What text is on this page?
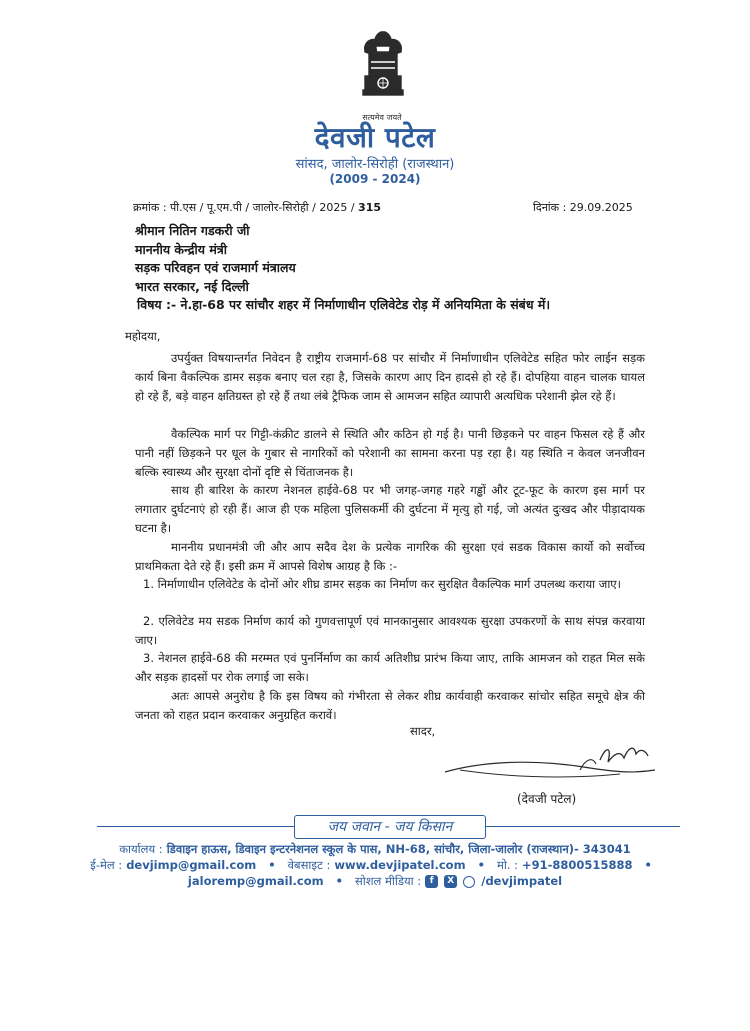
सत्यमेव जयते
देवजी पटेल
सांसद, जालोर-सिरोही (राजस्थान)
(2009 - 2024)
क्रमांक : पी.एस / पू.एम.पी / जालोर-सिरोही / 2025 / 315	दिनांक : 29.09.2025
श्रीमान नितिन गडकरी जी
माननीय केन्द्रीय मंत्री
सड़क परिवहन एवं राजमार्ग मंत्रालय
भारत सरकार, नई दिल्ली
विषय :- ने.हा-68 पर सांचौर शहर में निर्माणाधीन एलिवेटेड रोड़ में अनियमिता के संबंध में।
महोदया,

उपर्युक्त विषयान्तर्गत निवेदन है राष्ट्रीय राजमार्ग-68 पर सांचौर में निर्माणाधीन एलिवेटेड सहित फोर लाईन सड़क कार्य बिना वैकल्पिक डामर सड़क बनाए चल रहा है, जिसके कारण आए दिन हादसे हो रहे हैं। दोपहिया वाहन चालक घायल हो रहे हैं, बड़े वाहन क्षतिग्रस्त हो रहे हैं तथा लंबे ट्रैफिक जाम से आमजन सहित व्यापारी अत्यधिक परेशानी झेल रहे हैं।

वैकल्पिक मार्ग पर गिट्टी-कंक्रीट डालने से स्थिति और कठिन हो गई है। पानी छिड़कने पर वाहन फिसल रहे हैं और पानी नहीं छिड़कने पर धूल के गुबार से नागरिकों को परेशानी का सामना करना पड़ रहा है। यह स्थिति न केवल जनजीवन बल्कि स्वास्थ्य और सुरक्षा दोनों दृष्टि से चिंताजनक है।

साथ ही बारिश के कारण नेशनल हाईवे-68 पर भी जगह-जगह गहरे गड्ढों और टूट-फूट के कारण इस मार्ग पर लगातार दुर्घटनाएं हो रही हैं। आज ही एक महिला पुलिसकर्मी की दुर्घटना में मृत्यु हो गई, जो अत्यंत दुःखद और पीड़ादायक घटना है।

माननीय प्रधानमंत्री जी और आप सदैव देश के प्रत्येक नागरिक की सुरक्षा एवं सडक विकास कार्यो को सर्वोच्च प्राथमिकता देते रहे हैं। इसी क्रम में आपसे विशेष आग्रह है कि :-

1. निर्माणाधीन एलिवेटेड के दोनों ओर शीघ्र डामर सड़क का निर्माण कर सुरक्षित वैकल्पिक मार्ग उपलब्ध कराया जाए।

2. एलिवेटेड मय सडक निर्माण कार्य को गुणवत्तापूर्ण एवं मानकानुसार आवश्यक सुरक्षा उपकरणों के साथ संपन्न करवाया जाए।

3. नेशनल हाईवे-68 की मरम्मत एवं पुनर्निर्माण का कार्य अतिशीघ्र प्रारंभ किया जाए, ताकि आमजन को राहत मिल सके और सड़क हादसों पर रोक लगाई जा सके।

अतः आपसे अनुरोध है कि इस विषय को गंभीरता से लेकर शीघ्र कार्यवाही करवाकर सांचोर सहित समूचे क्षेत्र की जनता को राहत प्रदान करवाकर अनुग्रहित करावें।

सादर,
(देवजी पटेल)
जय जवान - जय किसान
कार्यालय : डिवाइन हाऊस, डिवाइन इन्टरनेशनल स्कूल के पास, NH-68, सांचौर, जिला-जालोर (राजस्थान)- 343041
ई-मेल : devjimp@gmail.com • वेबसाइट : www.devjipatel.com • मो. : +91-8800515888 •
jaloremp@gmail.com • सोशल मीडिया : f X /devjimpatel
